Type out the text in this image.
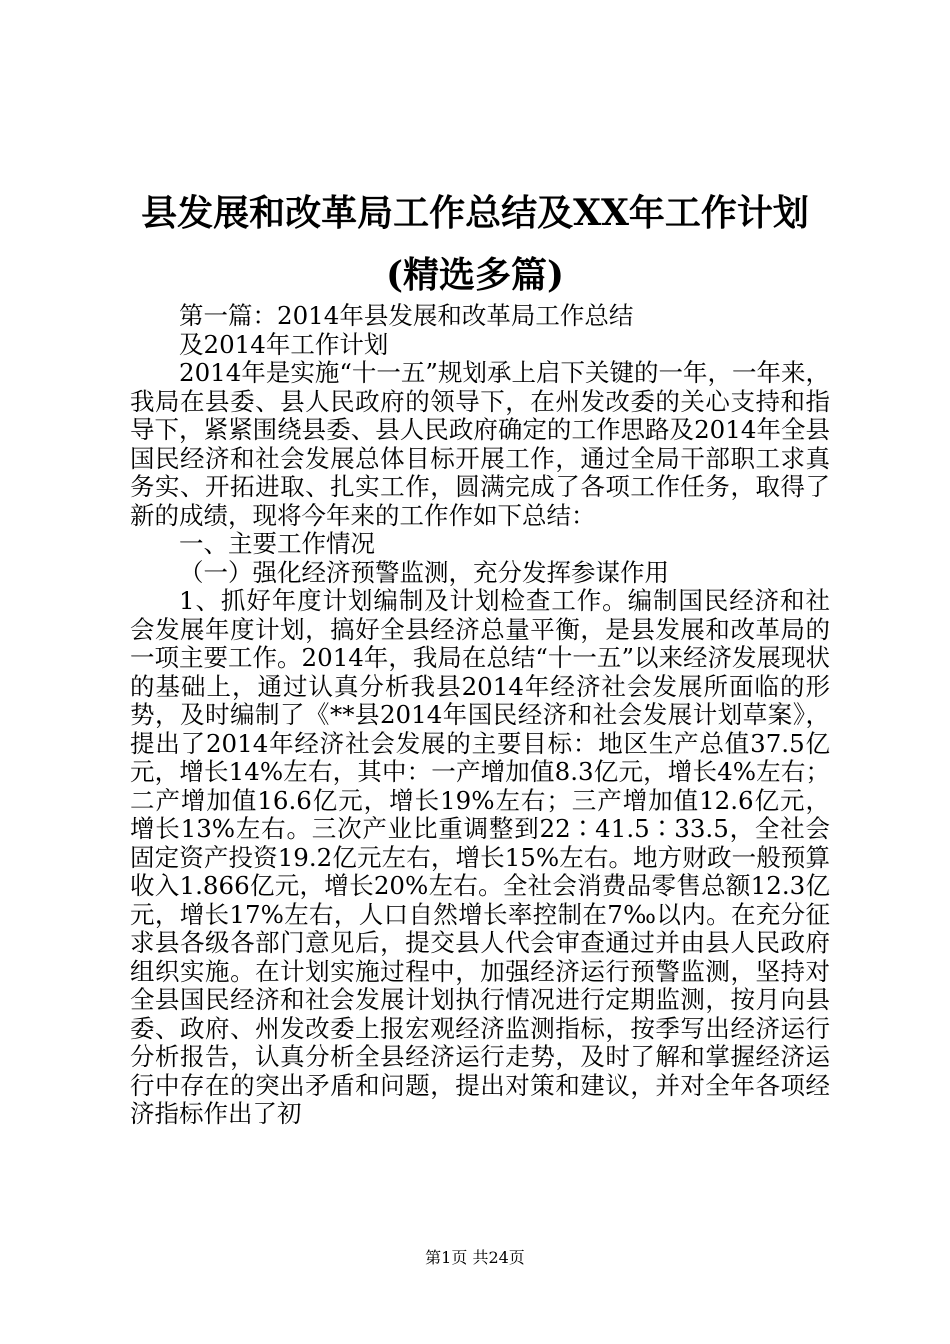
县发展和改革局工作总结及XX年工作计划(精选多篇)

第一篇：2014年县发展和改革局工作总结

及2014年工作计划

2014年是实施“十一五”规划承上启下关键的一年，一年来，我局在县委、县人民政府的领导下，在州发改委的关心支持和指导下，紧紧围绕县委、县人民政府确定的工作思路及2014年全县国民经济和社会发展总体目标开展工作，通过全局干部职工求真务实、开拓进取、扎实工作，圆满完成了各项工作任务，取得了新的成绩，现将今年来的工作作如下总结：

一、主要工作情况

（一）强化经济预警监测，充分发挥参谋作用

1、抓好年度计划编制及计划检查工作。编制国民经济和社会发展年度计划，搞好全县经济总量平衡，是县发展和改革局的一项主要工作。2014年，我局在总结“十一五”以来经济发展现状的基础上，通过认真分析我县2014年经济社会发展所面临的形势，及时编制了《**县2014年国民经济和社会发展计划草案》，提出了2014年经济社会发展的主要目标：地区生产总值37.5亿元，增长14%左右，其中：一产增加值8.3亿元，增长4%左右；二产增加值16.6亿元，增长19%左右；三产增加值12.6亿元，增长13%左右。三次产业比重调整到22∶41.5∶33.5，全社会固定资产投资19.2亿元左右，增长15%左右。地方财政一般预算收入1.866亿元，增长20%左右。全社会消费品零售总额12.3亿元，增长17%左右，人口自然增长率控制在7‰以内。在充分征求县各级各部门意见后，提交县人代会审查通过并由县人民政府组织实施。在计划实施过程中，加强经济运行预警监测，坚持对全县国民经济和社会发展计划执行情况进行定期监测，按月向县委、政府、州发改委上报宏观经济监测指标，按季写出经济运行分析报告，认真分析全县经济运行走势，及时了解和掌握经济运行中存在的突出矛盾和问题，提出对策和建议，并对全年各项经济指标作出了初

第1页 共24页
